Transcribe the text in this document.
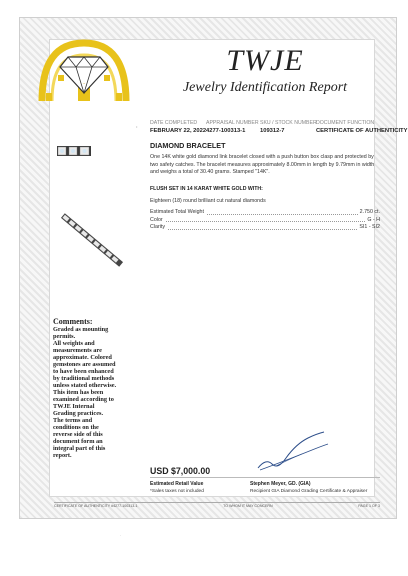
·
TWJE
Jewelry Identification Report
DATE COMPLETED
FEBRUARY 22, 2022
APPRAISAL NUMBER
4277-100313-1
SKU / STOCK NUMBER
109312-7
DOCUMENT FUNCTION
CERTIFICATE OF AUTHENTICITY
•
DIAMOND BRACELET
One 14K white gold diamond link bracelet closed with a push button box clasp and protected by two safety catches. The bracelet measures approximately 8.00mm in length by 9.79mm in width and weighs a total of 30.40 grams. Stamped "14K".
FLUSH SET IN 14 KARAT WHITE GOLD WITH:
Eighteen (18) round brilliant cut natural diamonds
Estimated Total Weight	2.750 ct.
Color	G - H
Clarity	SI1 - SI2
Comments:
Graded as mounting
permits.
All weights and
measurements are
approximate. Colored
gemstones are assumed
to have been enhanced
by traditional methods
unless stated otherwise.
This item has been
examined according to
TWJE Internal
Grading practices.
The terms and
conditions on the
reverse side of this
document form an
integral part of this
report.
USD $7,000.00
Estimated Retail Value
*Sales taxes not included
Stephen Meyer, GD. (GIA)
Recipient GIA Diamond Grading Certificate & Appraiser
CERTIFICATE OF AUTHENTICITY #4277-100313-1	TO WHOM IT MAY CONCERN	PAGE 1 OF 3
·
